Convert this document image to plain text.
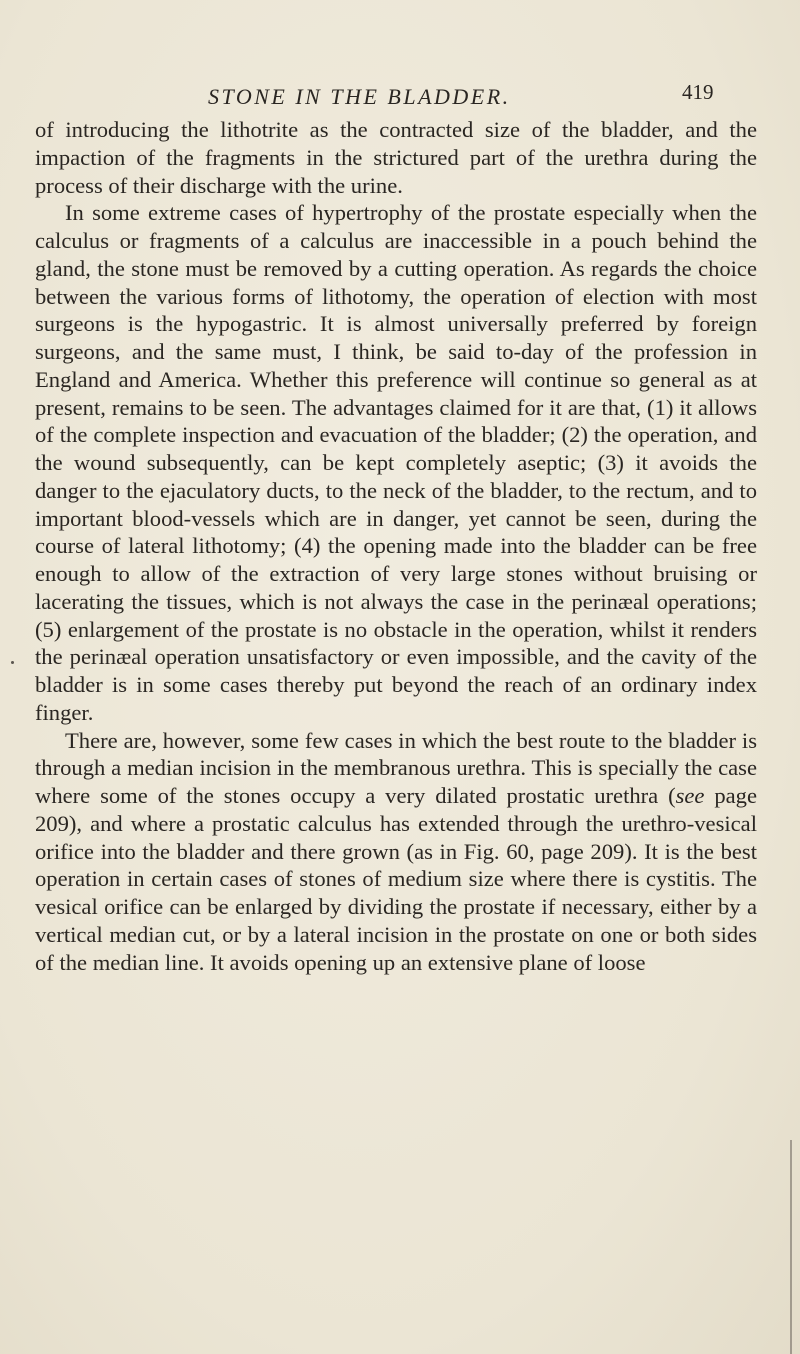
STONE IN THE BLADDER.	419

of introducing the lithotrite as the contracted size of the bladder, and the impaction of the fragments in the strictured part of the urethra during the process of their discharge with the urine.

In some extreme cases of hypertrophy of the prostate especially when the calculus or fragments of a calculus are inaccessible in a pouch behind the gland, the stone must be removed by a cutting operation. As regards the choice between the various forms of lithotomy, the operation of election with most surgeons is the hypogastric. It is almost universally preferred by foreign surgeons, and the same must, I think, be said to-day of the profession in England and America. Whether this preference will continue so general as at present, remains to be seen. The advantages claimed for it are that, (1) it allows of the complete inspection and evacuation of the bladder; (2) the operation, and the wound subsequently, can be kept completely aseptic; (3) it avoids the danger to the ejaculatory ducts, to the neck of the bladder, to the rectum, and to important blood-vessels which are in danger, yet cannot be seen, during the course of lateral lithotomy; (4) the opening made into the bladder can be free enough to allow of the extraction of very large stones without bruising or lacerating the tissues, which is not always the case in the perinæal operations; (5) enlargement of the prostate is no obstacle in the operation, whilst it renders the perinæal operation unsatisfactory or even impossible, and the cavity of the bladder is in some cases thereby put beyond the reach of an ordinary index finger.

There are, however, some few cases in which the best route to the bladder is through a median incision in the membranous urethra. This is specially the case where some of the stones occupy a very dilated prostatic urethra (see page 209), and where a prostatic calculus has extended through the urethro-vesical orifice into the bladder and there grown (as in Fig. 60, page 209). It is the best operation in certain cases of stones of medium size where there is cystitis. The vesical orifice can be enlarged by dividing the prostate if necessary, either by a vertical median cut, or by a lateral incision in the prostate on one or both sides of the median line. It avoids opening up an extensive plane of loose
